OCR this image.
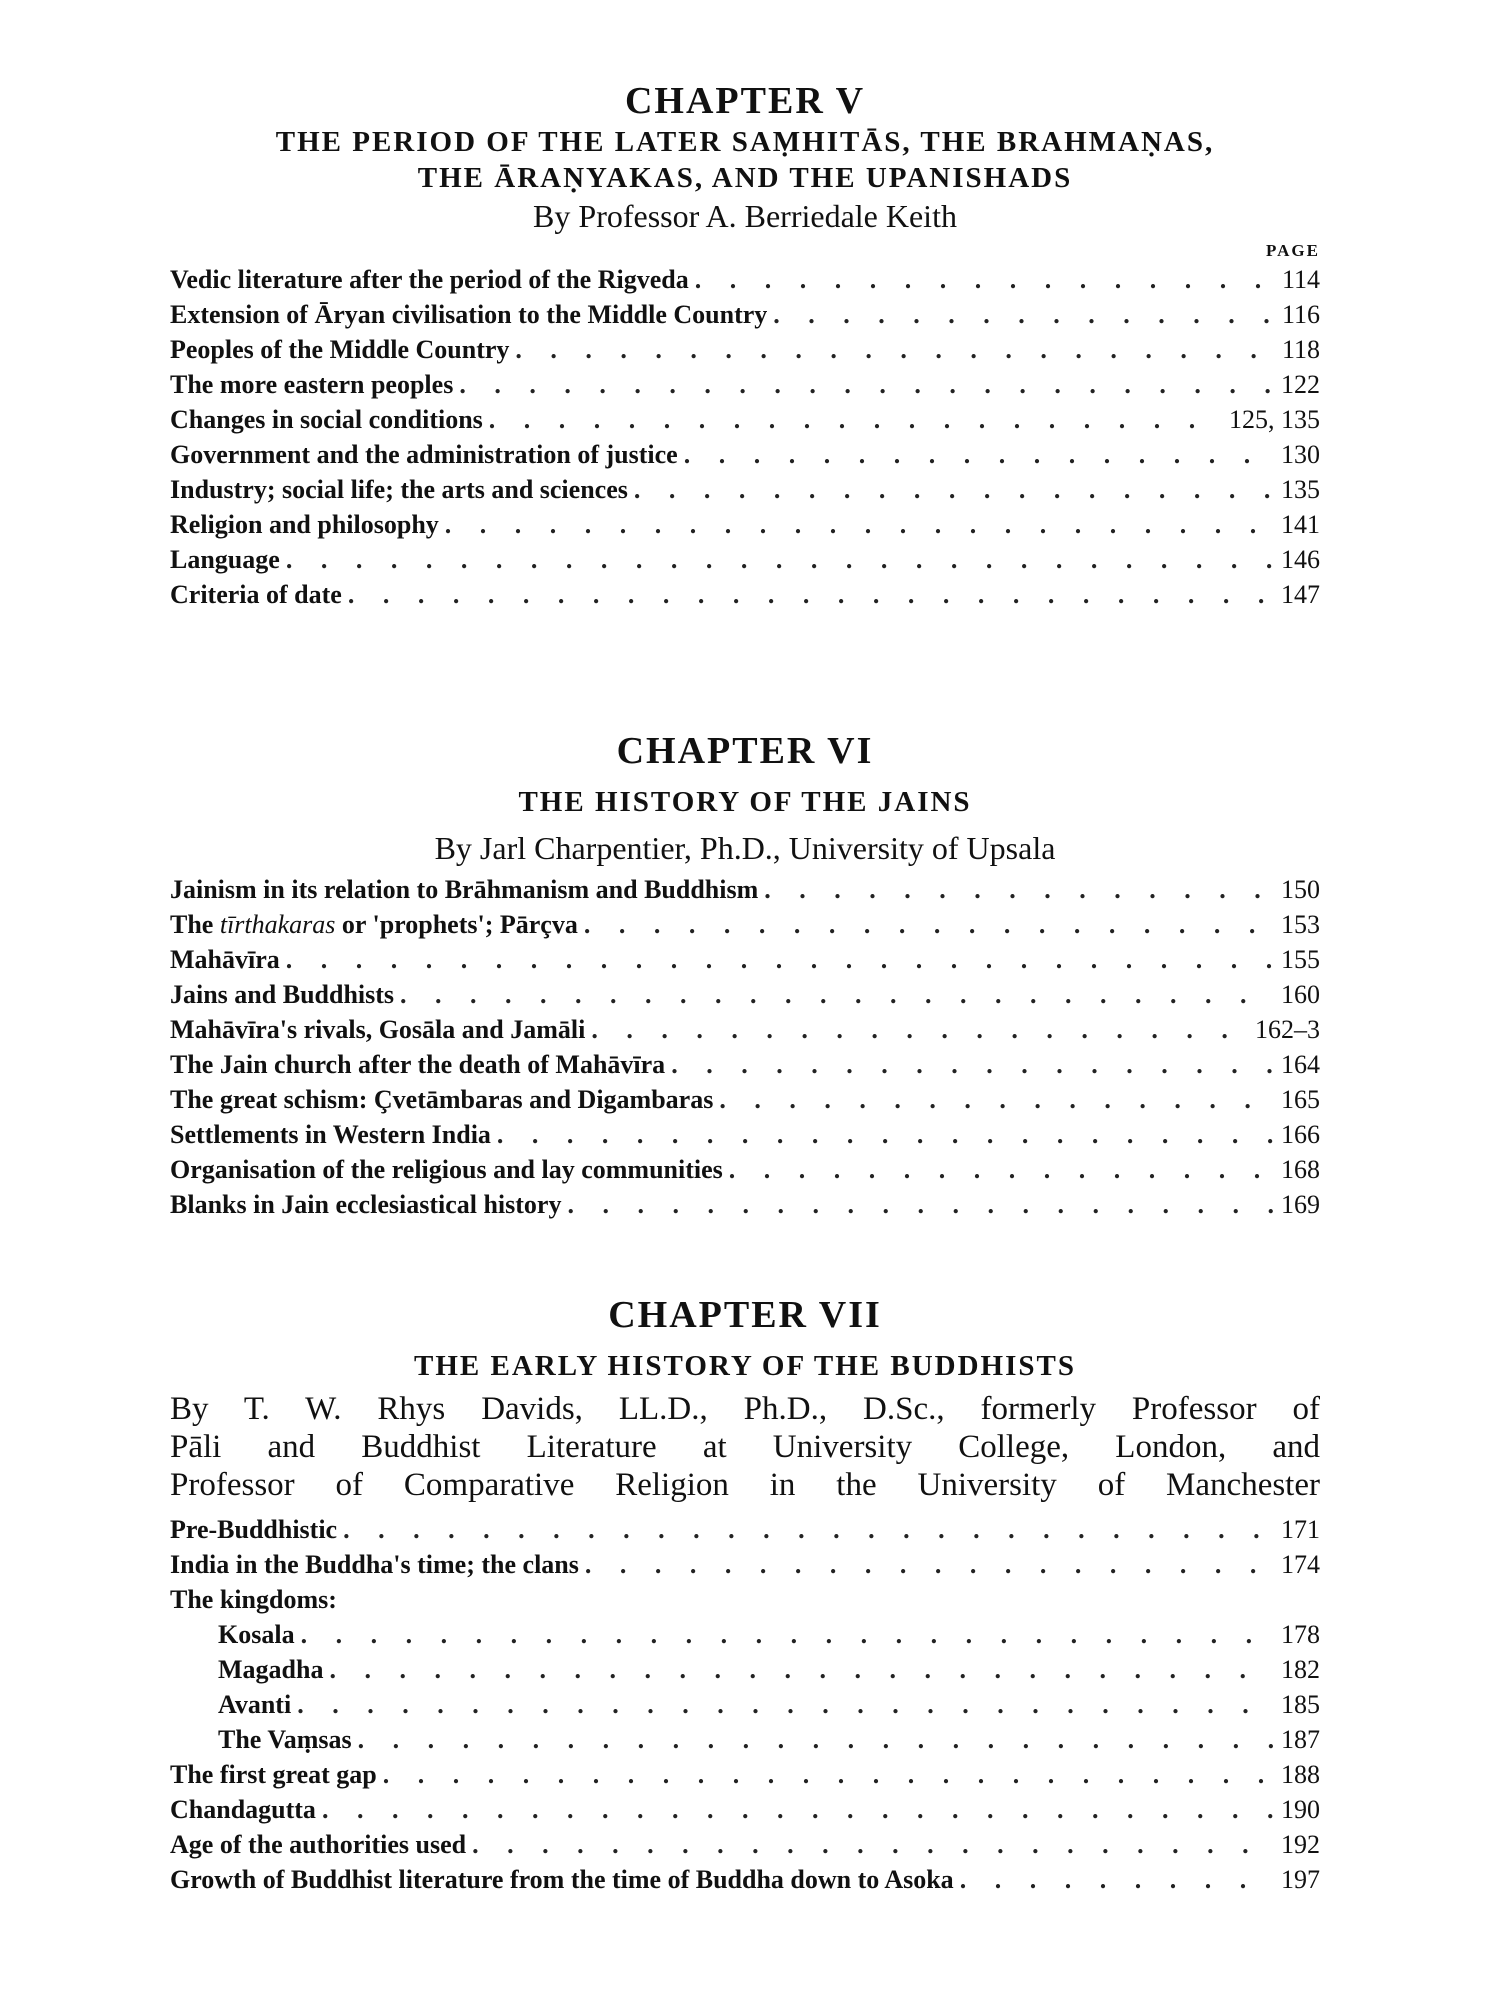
CHAPTER V
THE PERIOD OF THE LATER SAṂHITĀS, THE BRAHMAṆAS,
THE ĀRAṆYAKAS, AND THE UPANISHADS
By Professor A. Berriedale Keith
PAGE
Vedic literature after the period of the Rigveda . . .	114
Extension of Āryan civilisation to the Middle Country . . .	116
Peoples of the Middle Country . . .	118
The more eastern peoples . . .	122
Changes in social conditions . . .	125, 135
Government and the administration of justice . . .	130
Industry; social life; the arts and sciences . . .	135
Religion and philosophy . . .	141
Language . . .	146
Criteria of date . . .	147
CHAPTER VI
THE HISTORY OF THE JAINS
By Jarl Charpentier, Ph.D., University of Upsala
Jainism in its relation to Brāhmanism and Buddhism . . .	150
The tīrthakaras or 'prophets'; Pārçva . . .	153
Mahāvīra . . .	155
Jains and Buddhists . . .	160
Mahāvīra's rivals, Gosāla and Jamāli . . .	162–3
The Jain church after the death of Mahāvīra . . .	164
The great schism: Çvetāmbaras and Digambaras . . .	165
Settlements in Western India . . .	166
Organisation of the religious and lay communities . . .	168
Blanks in Jain ecclesiastical history . . .	169
CHAPTER VII
THE EARLY HISTORY OF THE BUDDHISTS
By T. W. Rhys Davids, LL.D., Ph.D., D.Sc., formerly Professor of
Pāli and Buddhist Literature at University College, London, and
Professor of Comparative Religion in the University of Manchester
Pre-Buddhistic . . .	171
India in the Buddha's time; the clans . . .	174
The kingdoms:
Kosala . . .	178
Magadha . . .	182
Avanti . . .	185
The Vaṃsas . . .	187
The first great gap . . .	188
Chandagutta . . .	190
Age of the authorities used . . .	192
Growth of Buddhist literature from the time of Buddha down to Asoka . . .	197
